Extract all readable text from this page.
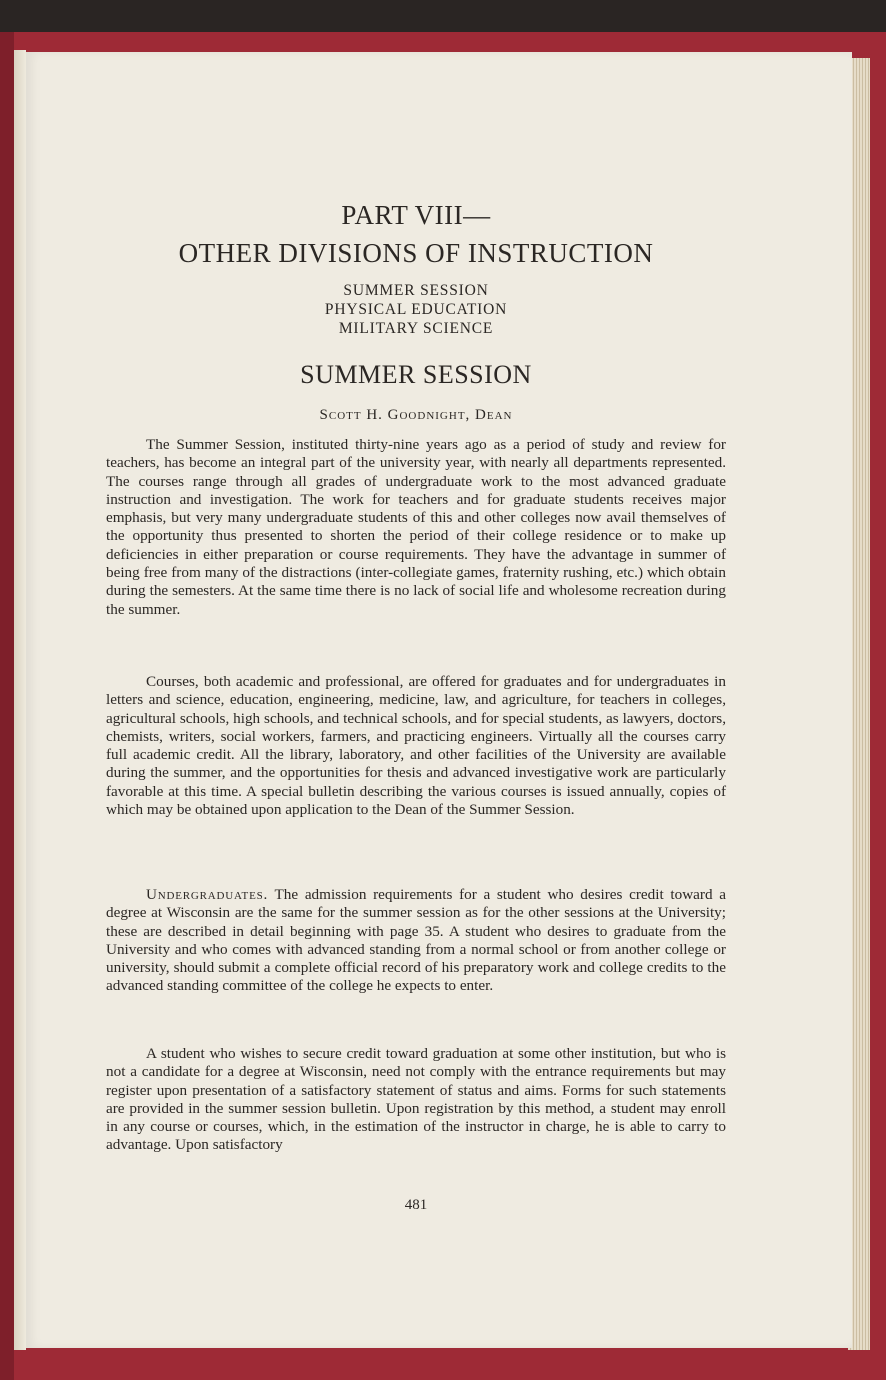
PART VIII—
OTHER DIVISIONS OF INSTRUCTION
SUMMER SESSION
PHYSICAL EDUCATION
MILITARY SCIENCE
SUMMER SESSION
Scott H. Goodnight, Dean

The Summer Session, instituted thirty-nine years ago as a period of study and review for teachers, has become an integral part of the university year, with nearly all departments represented. The courses range through all grades of undergraduate work to the most advanced graduate instruction and investigation. The work for teachers and for graduate students receives major emphasis, but very many undergraduate students of this and other colleges now avail themselves of the opportunity thus presented to shorten the period of their college residence or to make up deficiencies in either preparation or course requirements. They have the advantage in summer of being free from many of the distractions (inter-collegiate games, fraternity rushing, etc.) which obtain during the semesters. At the same time there is no lack of social life and wholesome recreation during the summer.

Courses, both academic and professional, are offered for graduates and for undergraduates in letters and science, education, engineering, medicine, law, and agriculture, for teachers in colleges, agricultural schools, high schools, and technical schools, and for special students, as lawyers, doctors, chemists, writers, social workers, farmers, and practicing engineers. Virtually all the courses carry full academic credit. All the library, laboratory, and other facilities of the University are available during the summer, and the opportunities for thesis and advanced investigative work are particularly favorable at this time. A special bulletin describing the various courses is issued annually, copies of which may be obtained upon application to the Dean of the Summer Session.

Undergraduates. The admission requirements for a student who desires credit toward a degree at Wisconsin are the same for the summer session as for the other sessions at the University; these are described in detail beginning with page 35. A student who desires to graduate from the University and who comes with advanced standing from a normal school or from another college or university, should submit a complete official record of his preparatory work and college credits to the advanced standing committee of the college he expects to enter.

A student who wishes to secure credit toward graduation at some other institution, but who is not a candidate for a degree at Wisconsin, need not comply with the entrance requirements but may register upon presentation of a satisfactory statement of status and aims. Forms for such statements are provided in the summer session bulletin. Upon registration by this method, a student may enroll in any course or courses, which, in the estimation of the instructor in charge, he is able to carry to advantage. Upon satisfactory

481
